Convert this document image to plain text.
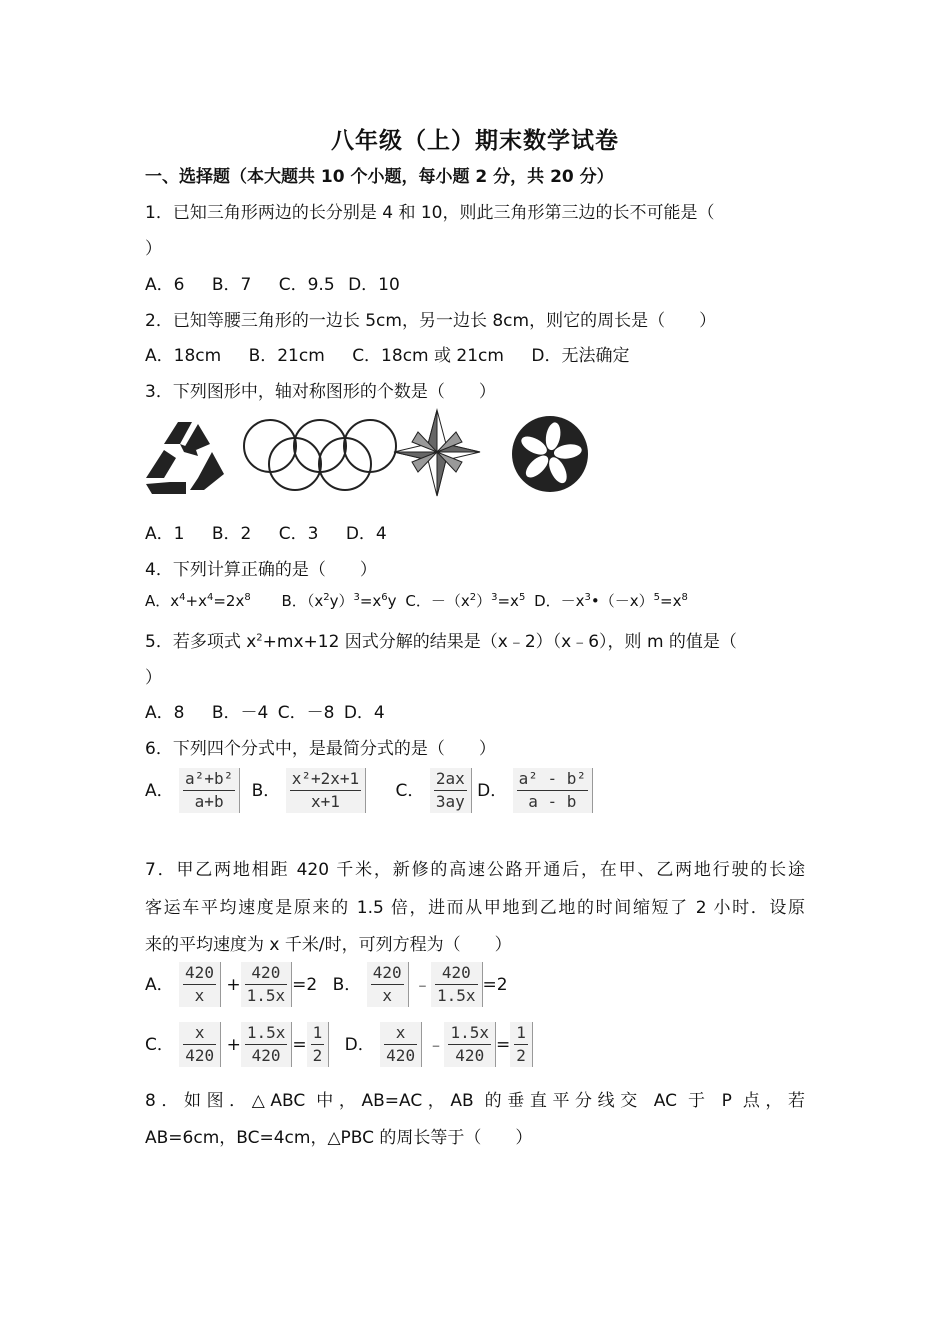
八年级（上）期末数学试卷
一、选择题（本大题共 10 个小题，每小题 2 分，共 20 分）
1．已知三角形两边的长分别是 4 和 10，则此三角形第三边的长不可能是（
）
A．6 B．7 C．9.5 D．10
2．已知等腰三角形的一边长 5cm，另一边长 8cm，则它的周长是（　　）
A．18cm B．21cm C．18cm 或 21cm D．无法确定
3．下列图形中，轴对称图形的个数是（　　）
A．1 B．2 C．3 D．4
4．下列计算正确的是（　　）
A．$x^4+x^4=2x^8$ B．$(x^2y)^3=x^6y$ C．$-(x^2)^3=x^5$ D．$-x^3•(-x)^5=x^8$
5．若多项式 $x^2+mx+12$ 因式分解的结果是（x﹣2）（x﹣6），则 m 的值是（
）
A．8 B．－4 C．－8 D．4
6．下列四个分式中，是最简分式的是（　　）
A． $\frac{\text{a²+b²}}{a+b}$ B． $\frac{\text{x²+2x+1}}{x+1}$ C． $\frac{2ax}{3ay}$ D． $\frac{\text{a² - b²}}{a - b}$
7．甲乙两地相距 420 千米，新修的高速公路开通后，在甲、乙两地行驶的长途
客运车平均速度是原来的 1.5 倍，进而从甲地到乙地的时间缩短了 2 小时．设原
来的平均速度为 x 千米/时，可列方程为（　　）
A． $\frac{420}{x} + \frac{420}{1.5x} =2$ B． $\frac{420}{x}$ ﹣ $\frac{420}{1.5x} =2$
C． $\frac{x}{420} + \frac{1.5x}{420} = \frac{1}{2}$ D． $\frac{x}{420}$ ﹣ $\frac{1.5x}{420} = \frac{1}{2}$
8．如图．△ABC 中，AB=AC，AB 的垂直平分线交 AC 于 P 点，若
AB=6cm，BC=4cm，△PBC 的周长等于（　　）
